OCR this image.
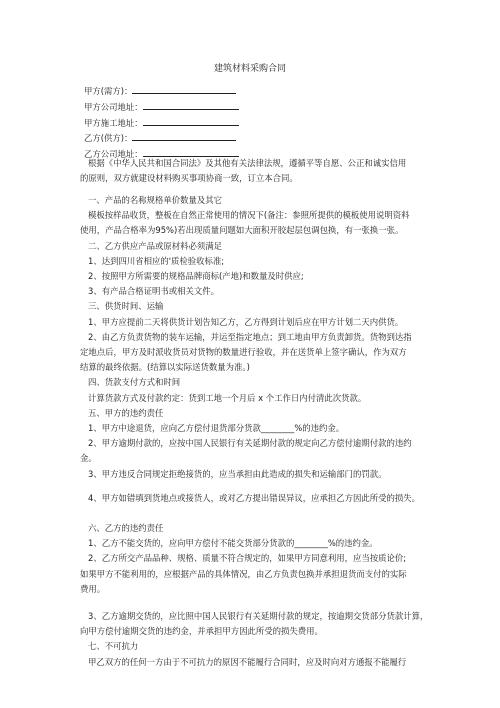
建筑材料采购合同
甲方(需方)：
甲方公司地址：
甲方施工地址：
乙方(供方)：
乙方公司地址：
根据《中华人民共和国合同法》及其他有关法律法规，遵循平等自愿、公正和诚实信用
的原则，双方就建设材料购买事项协商一致，订立本合同。
一、产品的名称规格单价数量及其它
模板按样品收货，整板在自然正常使用的情况下(备注：参照所提供的模板使用说明资料
使用，产品合格率为95%)若出现质量问题如大面积开胶起层包调包换，有一张换一张。
二、乙方供应产品或原材料必须满足
1、达到四川省相应的'质检验收标准;
2、按照甲方所需要的规格品牌商标(产地)和数量及时供应;
3、有产品合格证明书或相关文件。
三、供货时间、运输
1、甲方应提前二天将供货计划告知乙方，乙方得到计划后应在甲方计划二天内供货。
2、由乙方负责货物的装车运输，并运至指定地点；到工地由甲方负责卸货。货物到达指
定地点后，甲方及时派收货员对货物的数量进行验收，并在送货单上签字确认，作为双方
结算的最终依据。(结算以实际送货数量为准。)
四、货款支付方式和时间
计算货款方式及付款约定：货到工地一个月后 x 个工作日内付清此次货款。
五、甲方的违约责任
1、甲方中途退货，应向乙方偿付退货部分货款________%的违约金。
2、甲方逾期付款的，应按中国人民银行有关延期付款的规定向乙方偿付逾期付款的违约
金。
3、甲方违反合同规定拒绝接货的，应当承担由此造成的损失和运输部门的罚款。
4、甲方如错填到货地点或接货人，或对乙方提出错误异议，应承担乙方因此所受的损失。
六、乙方的违约责任
1、乙方不能交货的，应向甲方偿付不能交货部分货款的________%的违约金。
2、乙方所交产品品种、规格、质量不符合规定的，如果甲方同意利用，应当按质论价;
如果甲方不能利用的，应根据产品的具体情况，由乙方负责包换并承担退货而支付的实际
费用。
3、乙方逾期交货的，应比照中国人民银行有关延期付款的规定，按逾期交货部分货款计算，
向甲方偿付逾期交货的违约金，并承担甲方因此所受的损失费用。
七、不可抗力
甲乙双方的任何一方由于不可抗力的原因不能履行合同时，应及时向对方通报不能履行
